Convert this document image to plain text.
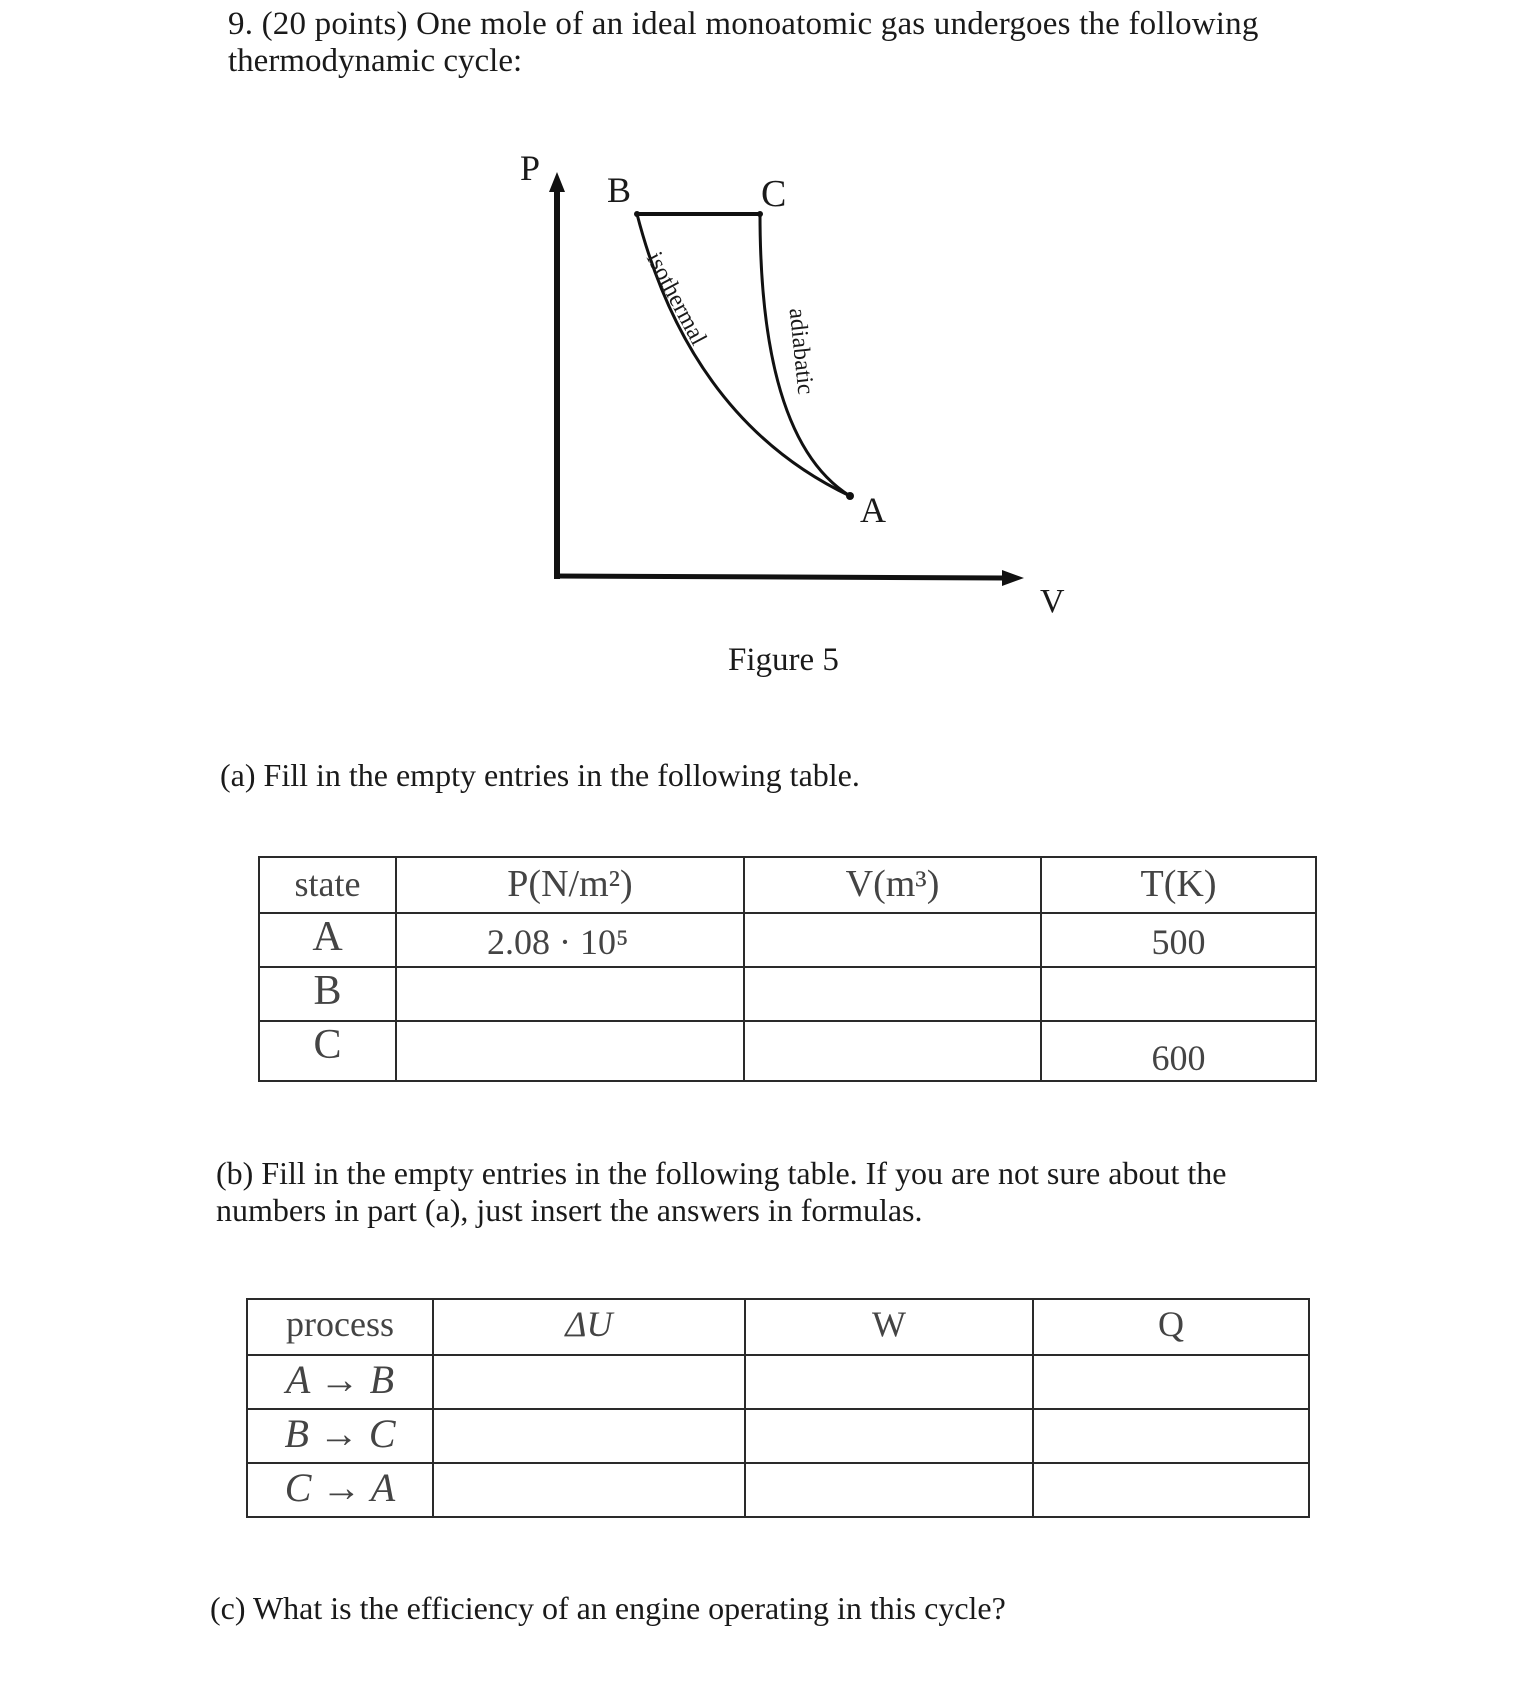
9. (20 points) One mole of an ideal monoatomic gas undergoes the following
thermodynamic cycle:
P
V
B	C
A
isothermal
adiabatic
Figure 5

(a) Fill in the empty entries in the following table.

state	P(N/m²)	V(m³)	T(K)

A	2.08 · 10⁵		500

B			

C			600
(b) Fill in the empty entries in the following table. If you are not sure about the
numbers in part (a), just insert the answers in formulas.
process	ΔU	W	Q

A → B			

B → C			

C → A			

(c) What is the efficiency of an engine operating in this cycle?
